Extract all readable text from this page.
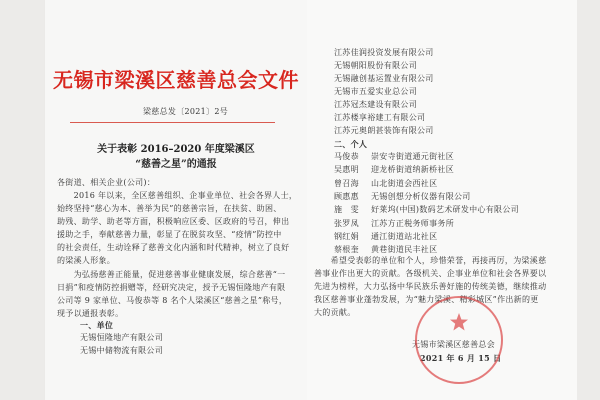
无锡市梁溪区慈善总会文件
梁慈总发〔2021〕2号
关于表彰 2016–2020 年度梁溪区
“慈善之星”的通报
各街道、相关企业(公司)：
　　2016 年以来，全区慈善组织、企事业单位、社会各界人士，
始终坚持“慈心为本、善举为民”的慈善宗旨，在扶贫、助困、
助残、助学、助老等方面，积极响应区委、区政府的号召，伸出
援助之手，奉献慈善力量，彰显了在脱贫攻坚、“疫情”防控中
的社会责任，生动诠释了慈善文化内涵和时代精神，树立了良好
的梁溪人形象。
　　为弘扬慈善正能量，促进慈善事业健康发展，综合慈善“一
日捐”和疫情防控捐赠等，经研究决定，授予无锡恒隆地产有限
公司等 9 家单位、马俊恭等 8 名个人梁溪区“慈善之星”称号，
现予以通报表彰。
一、单位
无锡恒隆地产有限公司
无锡中储物流有限公司
江苏佳润投资发展有限公司
无锡朝阳股份有限公司
无锡融创基运置业有限公司
无锡市五爱实业总公司
江苏冠杰建设有限公司
江苏楼享裕建工有限公司
江苏元奥朗甚装饰有限公司
二、个人
马俊恭 崇安寺街道通元街社区
吴惠明 迎龙桥街道纳新桥社区
曾召海 山北街道会西社区
顾惠惠 无锡创想分析仪器有限公司
施　雯 好莱坞(中国)数码艺术研发中心有限公司
张罗凤 江苏方正税务师事务所
钢红娟 通江街道站北社区
蔡根奎 黄巷街道民丰社区
　　希望受表彰的单位和个人，珍惜荣誉，再接再厉，为梁溪慈
善事业作出更大的贡献。各级机关、企事业单位和社会各界要以
先进为榜样，大力弘扬中华民族乐善好施的传统美德，继续推动
我区慈善事业蓬勃发展，为“魅力梁溪、精彩城区”作出新的更
大的贡献。
无锡市梁溪区慈善总会
2021 年 6 月 15 日
